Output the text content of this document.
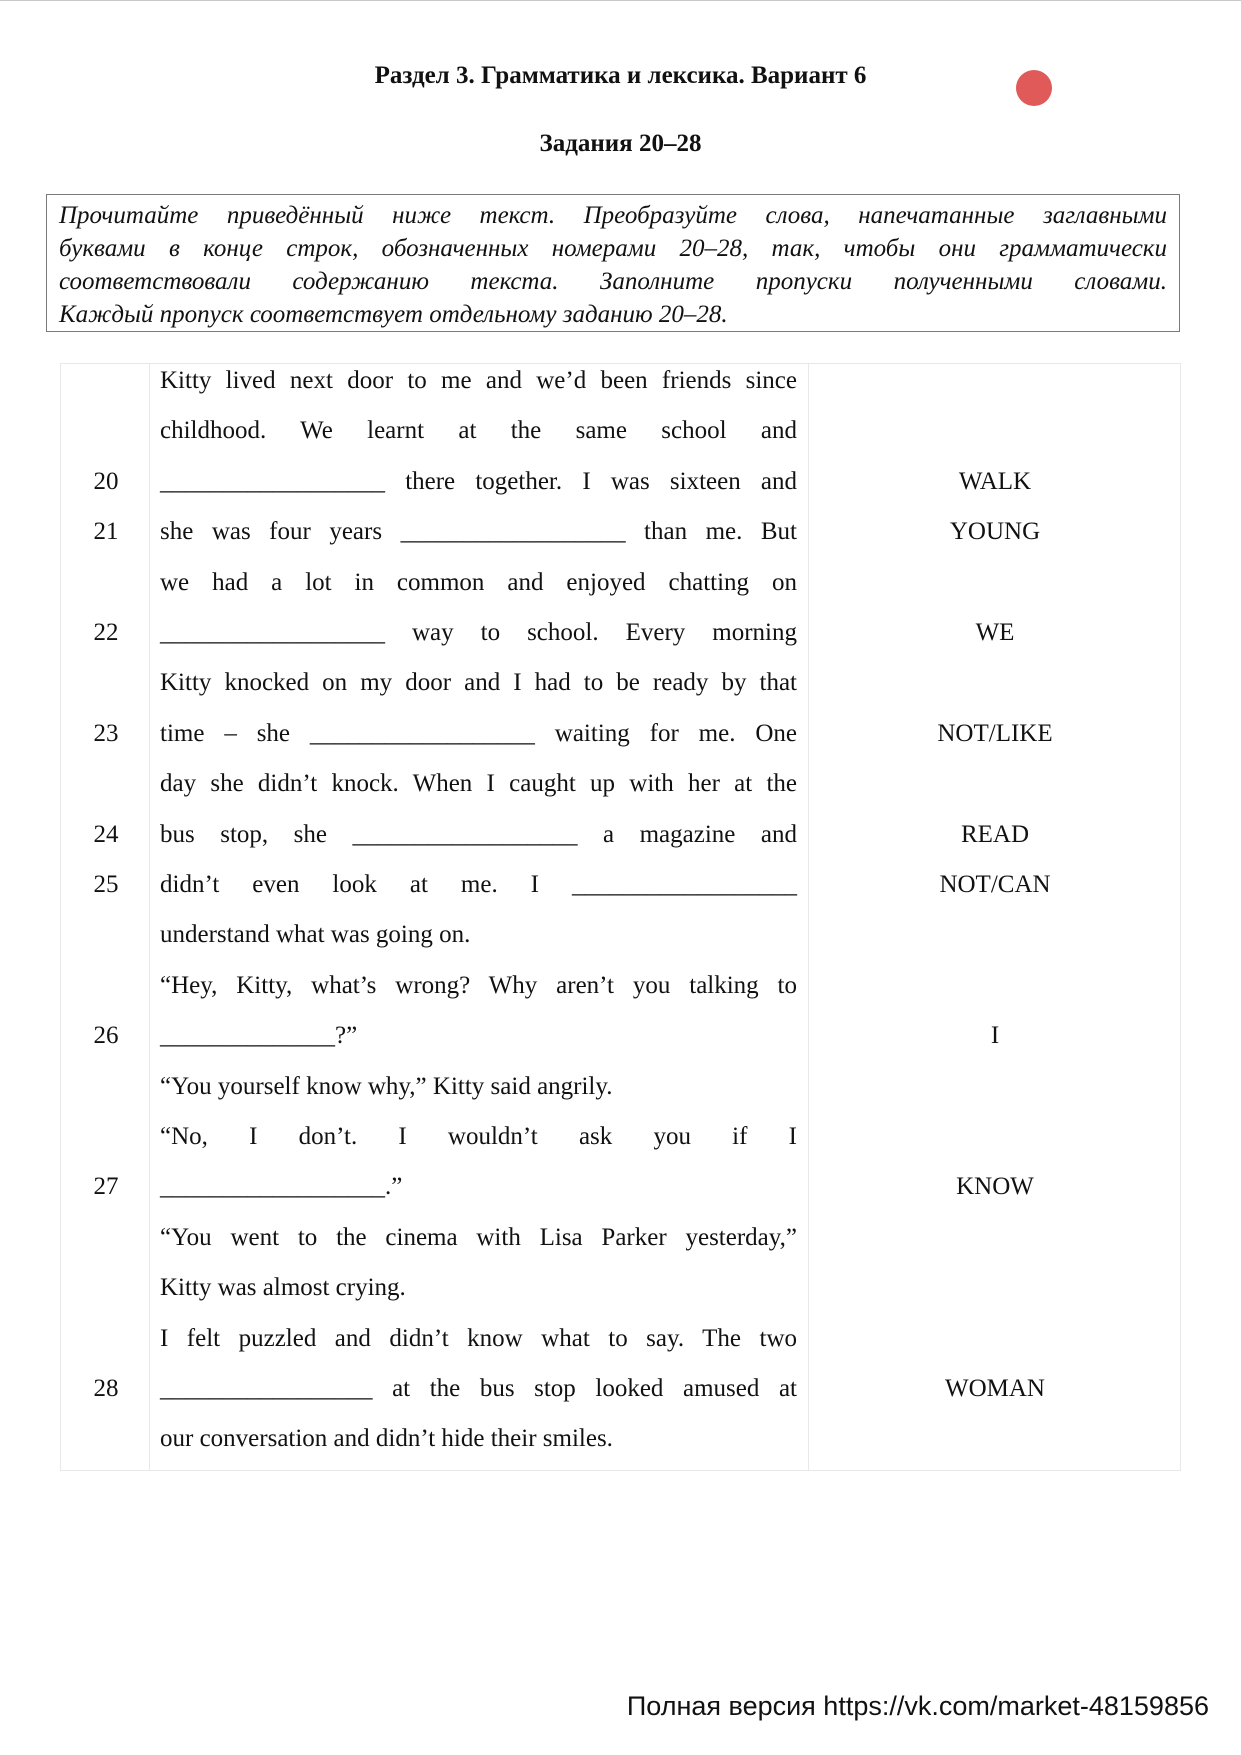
Раздел 3. Грамматика и лексика. Вариант 6
Задания 20–28
Прочитайте приведённый ниже текст. Преобразуйте слова, напечатанные заглавными
буквами в конце строк, обозначенных номерами 20–28, так, чтобы они грамматически
соответствовали содержанию текста. Заполните пропуски полученными словами.
Каждый пропуск соответствует отдельному заданию 20–28.
Kitty lived next door to me and we’d been friends since
childhood. We learnt at the same school and
20	__________________ there together. I was sixteen and	WALK
21	she was four years __________________ than me. But	YOUNG
we had a lot in common and enjoyed chatting on
22	__________________ way to school. Every morning	WE
Kitty knocked on my door and I had to be ready by that
23	time – she __________________ waiting for me. One	NOT/LIKE
day she didn’t knock. When I caught up with her at the
24	bus stop, she __________________ a magazine and	READ
25	didn’t even look at me. I __________________	NOT/CAN
understand what was going on.
“Hey, Kitty, what’s wrong? Why aren’t you talking to
26	______________?”	I
“You yourself know why,” Kitty said angrily.
“No, I don’t. I wouldn’t ask you if I
27	__________________.”	KNOW
“You went to the cinema with Lisa Parker yesterday,”
Kitty was almost crying.
I felt puzzled and didn’t know what to say. The two
28	_________________ at the bus stop looked amused at	WOMAN
our conversation and didn’t hide their smiles.
Полная версия https://vk.com/market-48159856
